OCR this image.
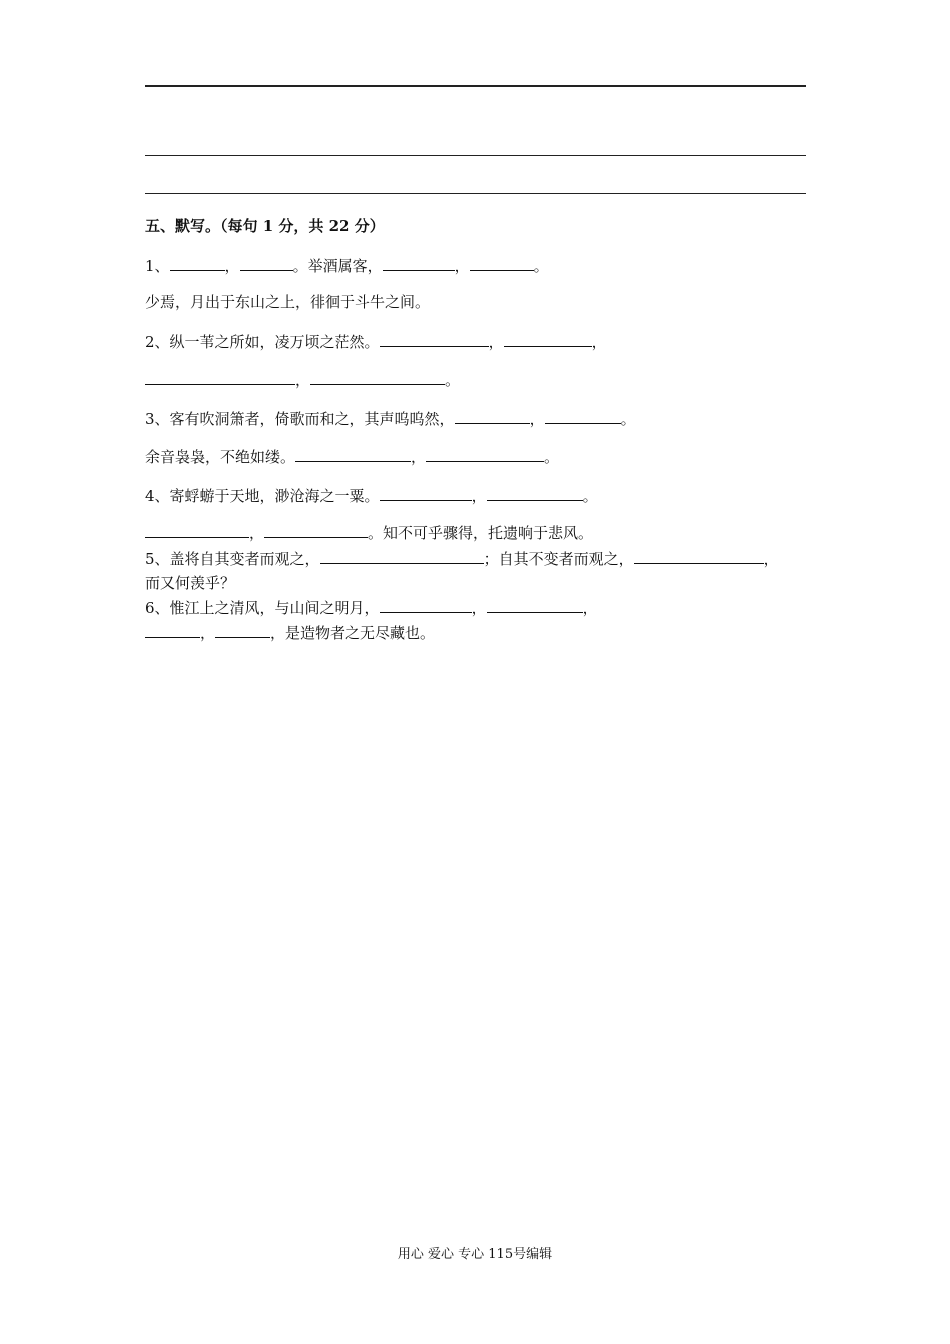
五、默写。（每句 1 分，共 22 分）
1、	，	。举酒属客，	，	。
少焉，月出于东山之上，徘徊于斗牛之间。
2、纵一苇之所如，凌万顷之茫然。	，	，
，	。
3、客有吹洞箫者，倚歌而和之，其声呜呜然，	，	。
余音袅袅，不绝如缕。	，	。
4、寄蜉蝣于天地，渺沧海之一粟。	，	。
，	。知不可乎骤得，托遗响于悲风。
5、盖将自其变者而观之，	；自其不变者而观之，	，
而又何羡乎？
6、惟江上之清风，与山间之明月，	，	，
，	，是造物者之无尽藏也。
用心 爱心 专心 115号编辑
